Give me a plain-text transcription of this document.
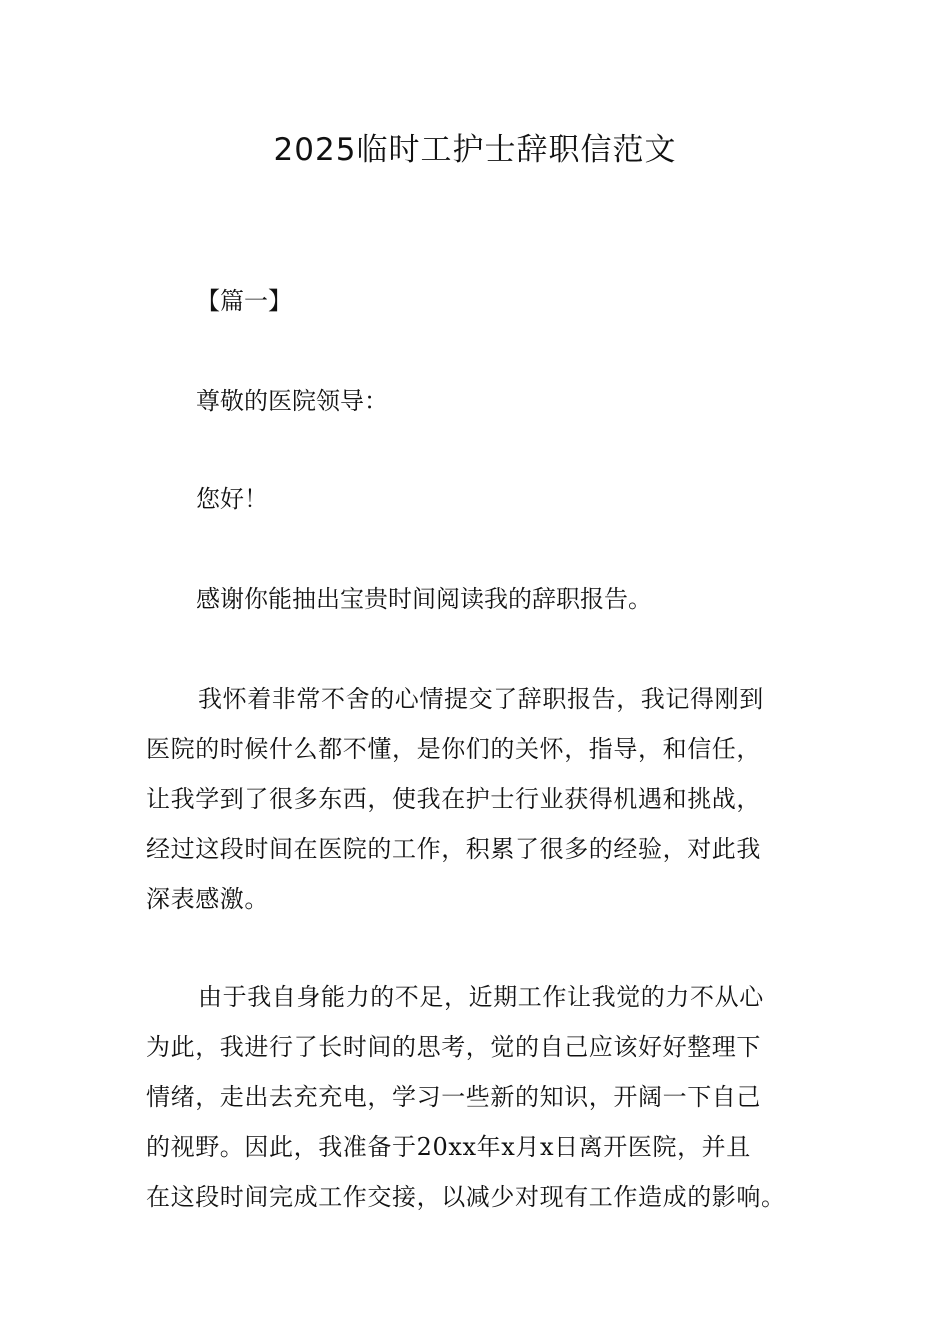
2025临时工护士辞职信范文
【篇一】
尊敬的医院领导：
您好！
感谢你能抽出宝贵时间阅读我的辞职报告。
我怀着非常不舍的心情提交了辞职报告，我记得刚到
医院的时候什么都不懂，是你们的关怀，指导，和信任，
让我学到了很多东西，使我在护士行业获得机遇和挑战，
经过这段时间在医院的工作，积累了很多的经验，对此我
深表感激。
由于我自身能力的不足，近期工作让我觉的力不从心
为此，我进行了长时间的思考，觉的自己应该好好整理下
情绪，走出去充充电，学习一些新的知识，开阔一下自己
的视野。因此，我准备于20xx年x月x日离开医院，并且
在这段时间完成工作交接，以减少对现有工作造成的影响。
